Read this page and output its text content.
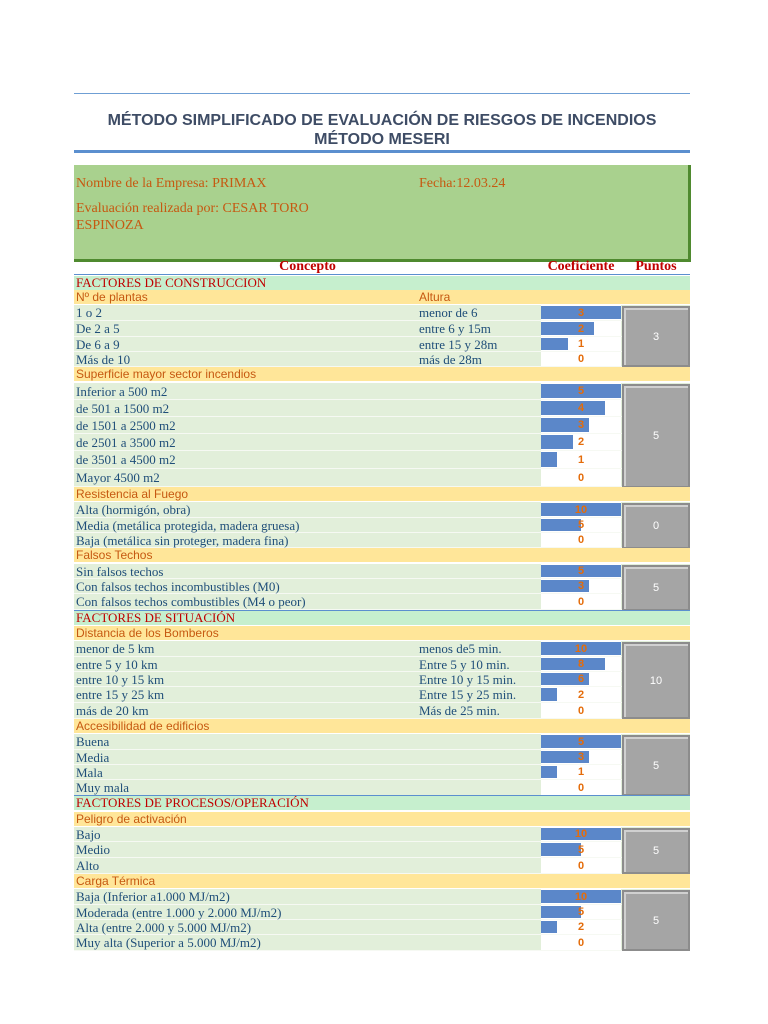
MÉTODO SIMPLIFICADO DE EVALUACIÓN DE RIESGOS DE INCENDIOS
MÉTODO MESERI
Nombre de la Empresa: PRIMAX	Fecha:12.03.24
Evaluación realizada por: CESAR TORO
ESPINOZA
Concepto	Coeficiente	Puntos
FACTORES DE CONSTRUCCION
Nº de plantas	Altura
1 o 2	menor de 6	3
De 2 a 5	entre 6 y 15m	2
De 6 a 9	entre 15 y 28m	1
Más de 10	más de 28m	0
3
Superficie mayor sector incendios
Inferior a 500 m2	5
de 501 a 1500 m2	4
de 1501 a 2500 m2	3
de 2501 a 3500 m2	2
de 3501 a 4500 m2	1
Mayor 4500 m2	0
5
Resistencia al Fuego
Alta (hormigón, obra)	10
Media (metálica protegida, madera gruesa)	5
Baja (metálica sin proteger, madera fina)	0
0
Falsos Techos
Sin falsos techos	5
Con falsos techos incombustibles (M0)	3
Con falsos techos combustibles (M4 o peor)	0
5
FACTORES DE SITUACIÓN
Distancia de los Bomberos
menor de 5 km	menos de5 min.	10
entre 5 y 10 km	Entre 5 y 10 min.	8
entre 10 y 15 km	Entre 10 y 15 min.	6
entre 15 y 25 km	Entre 15 y 25 min.	2
más de 20 km	Más de 25 min.	0
10
Accesibilidad de edificios
Buena	5
Media	3
Mala	1
Muy mala	0
5
FACTORES DE PROCESOS/OPERACIÓN
Peligro de activación
Bajo	10
Medio	5
Alto	0
5
Carga Térmica
Baja (Inferior a1.000 MJ/m2)	10
Moderada (entre 1.000 y 2.000 MJ/m2)	5
Alta (entre 2.000 y 5.000 MJ/m2)	2
Muy alta (Superior a 5.000 MJ/m2)	0
5
